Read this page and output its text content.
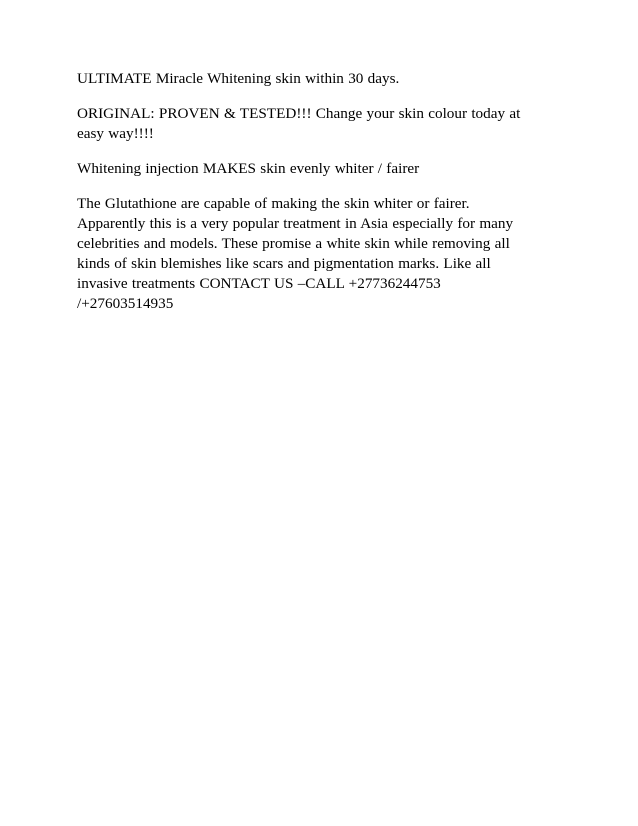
ULTIMATE Miracle Whitening skin within 30 days.

ORIGINAL: PROVEN & TESTED!!! Change your skin colour today at
easy way!!!!

Whitening injection MAKES skin evenly whiter / fairer

The Glutathione are capable of making the skin whiter or fairer.
Apparently this is a very popular treatment in Asia especially for many
celebrities and models. These promise a white skin while removing all
kinds of skin blemishes like scars and pigmentation marks. Like all
invasive treatments CONTACT US –CALL +27736244753
/+27603514935
